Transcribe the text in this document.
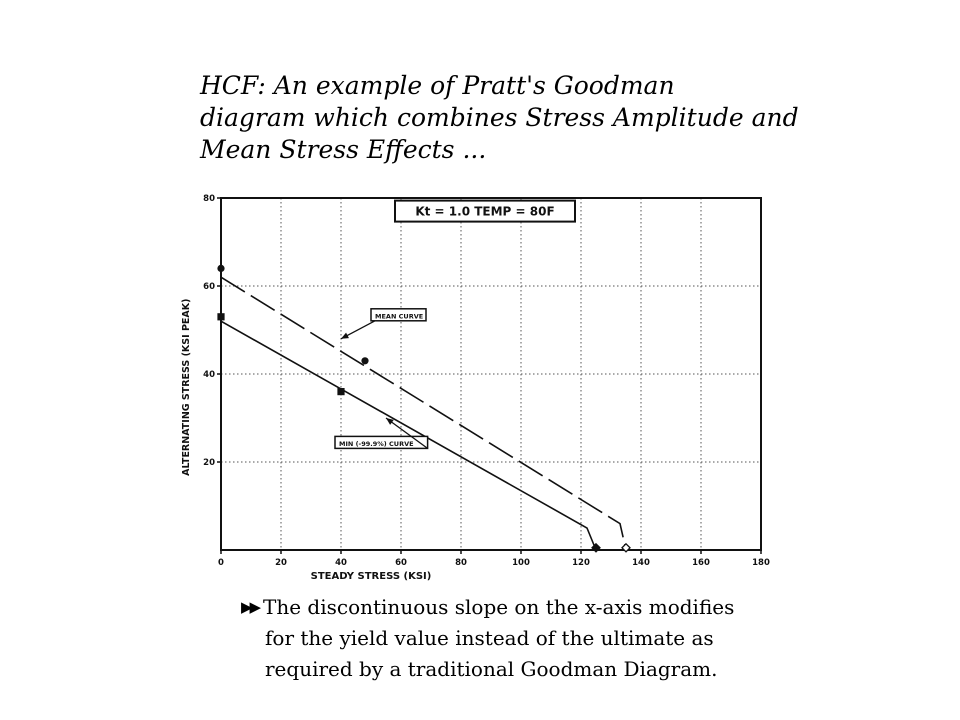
HCF: An example of Pratt's Goodman
diagram which combines Stress Amplitude and
Mean Stress Effects ...
0	20	40	60	80	100	120	140	160	180
20
40
60
80
STEADY STRESS (KSI)
ALTERNATING STRESS (KSI PEAK)
Kt = 1.0 TEMP = 80F
MEAN CURVE
MIN (-99.9%) CURVE
▶▶ The discontinuous slope on the x-axis modifies
for the yield value instead of the ultimate as
required by a traditional Goodman Diagram.
